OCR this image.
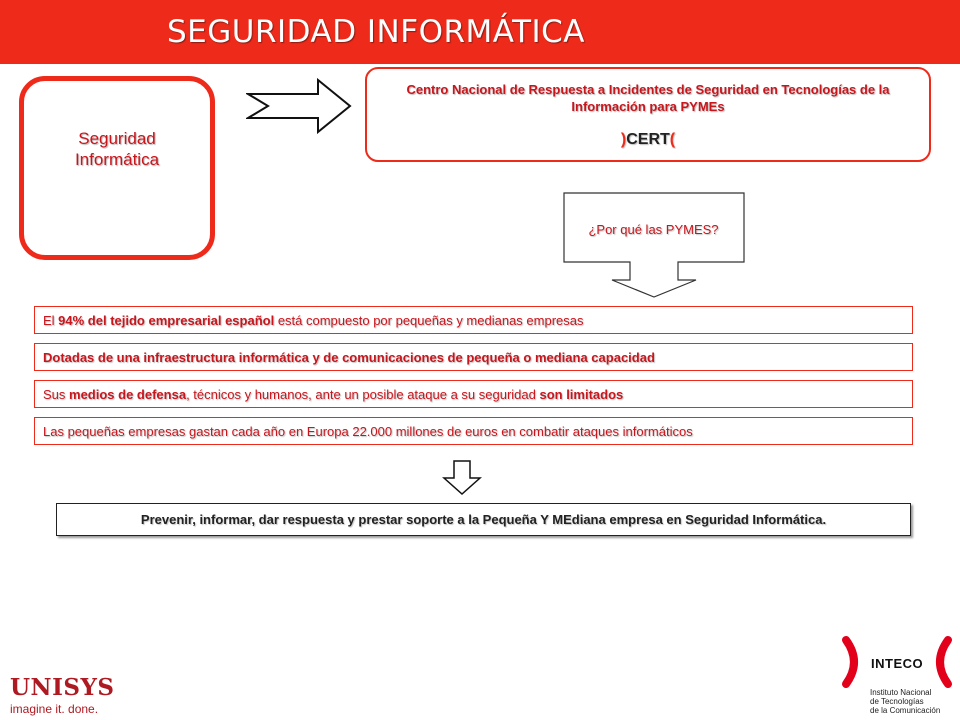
SEGURIDAD INFORMÁTICA
Seguridad
Informática
Centro Nacional de Respuesta a Incidentes de Seguridad en Tecnologías de la Información para PYMEs
)CERT(
¿Por qué las PYMES?
El 94% del tejido empresarial español está compuesto por pequeñas y medianas empresas
Dotadas de una infraestructura informática y de comunicaciones de pequeña o mediana capacidad
Sus medios de defensa, técnicos y humanos, ante un posible ataque a su seguridad son limitados
Las pequeñas empresas gastan cada año en Europa 22.000 millones de euros en combatir ataques informáticos
Prevenir, informar, dar respuesta y prestar soporte a la Pequeña Y MEdiana empresa en Seguridad Informática.
UNISYS
imagine it. done.
INTECO
Instituto Nacional
de Tecnologías
de la Comunicación
